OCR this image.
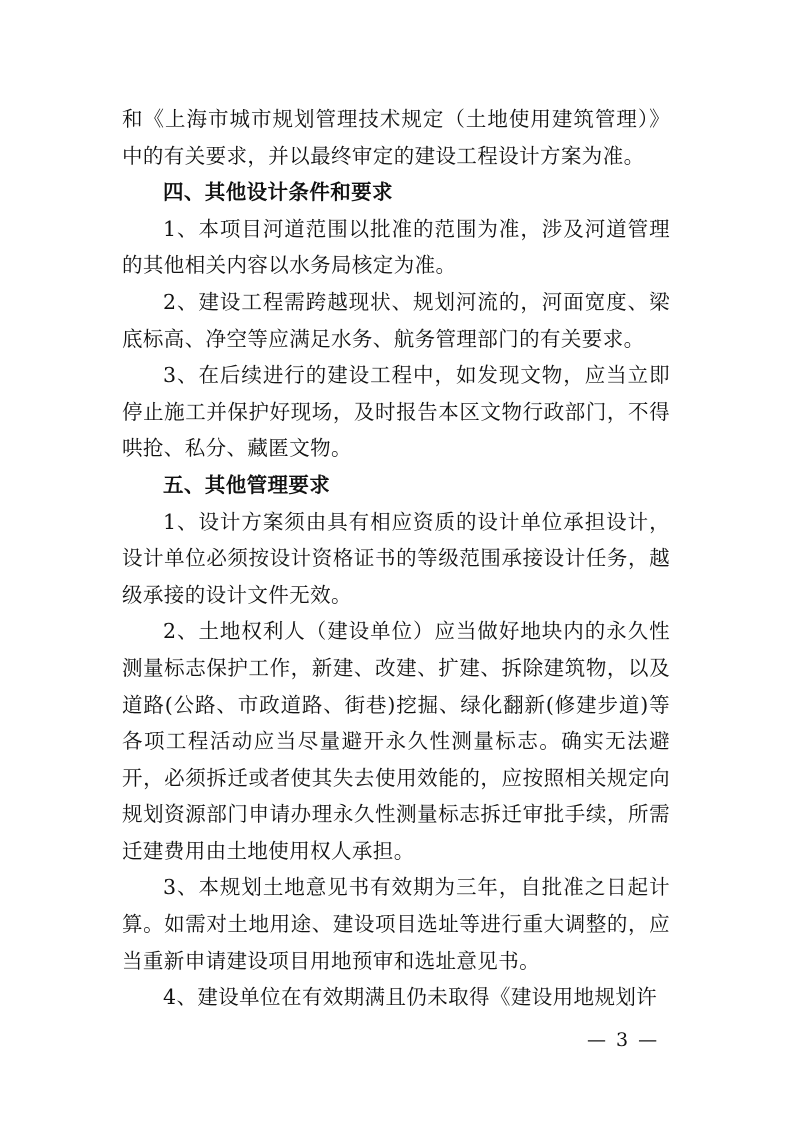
和《上海市城市规划管理技术规定（土地使用建筑管理）》中的有关要求，并以最终审定的建设工程设计方案为准。

四、其他设计条件和要求

1、本项目河道范围以批准的范围为准，涉及河道管理的其他相关内容以水务局核定为准。

2、建设工程需跨越现状、规划河流的，河面宽度、梁底标高、净空等应满足水务、航务管理部门的有关要求。

3、在后续进行的建设工程中，如发现文物，应当立即停止施工并保护好现场，及时报告本区文物行政部门，不得哄抢、私分、藏匿文物。

五、其他管理要求

1、设计方案须由具有相应资质的设计单位承担设计，设计单位必须按设计资格证书的等级范围承接设计任务，越级承接的设计文件无效。

2、土地权利人（建设单位）应当做好地块内的永久性测量标志保护工作，新建、改建、扩建、拆除建筑物，以及道路(公路、市政道路、街巷)挖掘、绿化翻新(修建步道)等各项工程活动应当尽量避开永久性测量标志。确实无法避开，必须拆迁或者使其失去使用效能的，应按照相关规定向规划资源部门申请办理永久性测量标志拆迁审批手续，所需迁建费用由土地使用权人承担。

3、本规划土地意见书有效期为三年，自批准之日起计算。如需对土地用途、建设项目选址等进行重大调整的，应当重新申请建设项目用地预审和选址意见书。

4、建设单位在有效期满且仍未取得《建设用地规划许

— 3 —
